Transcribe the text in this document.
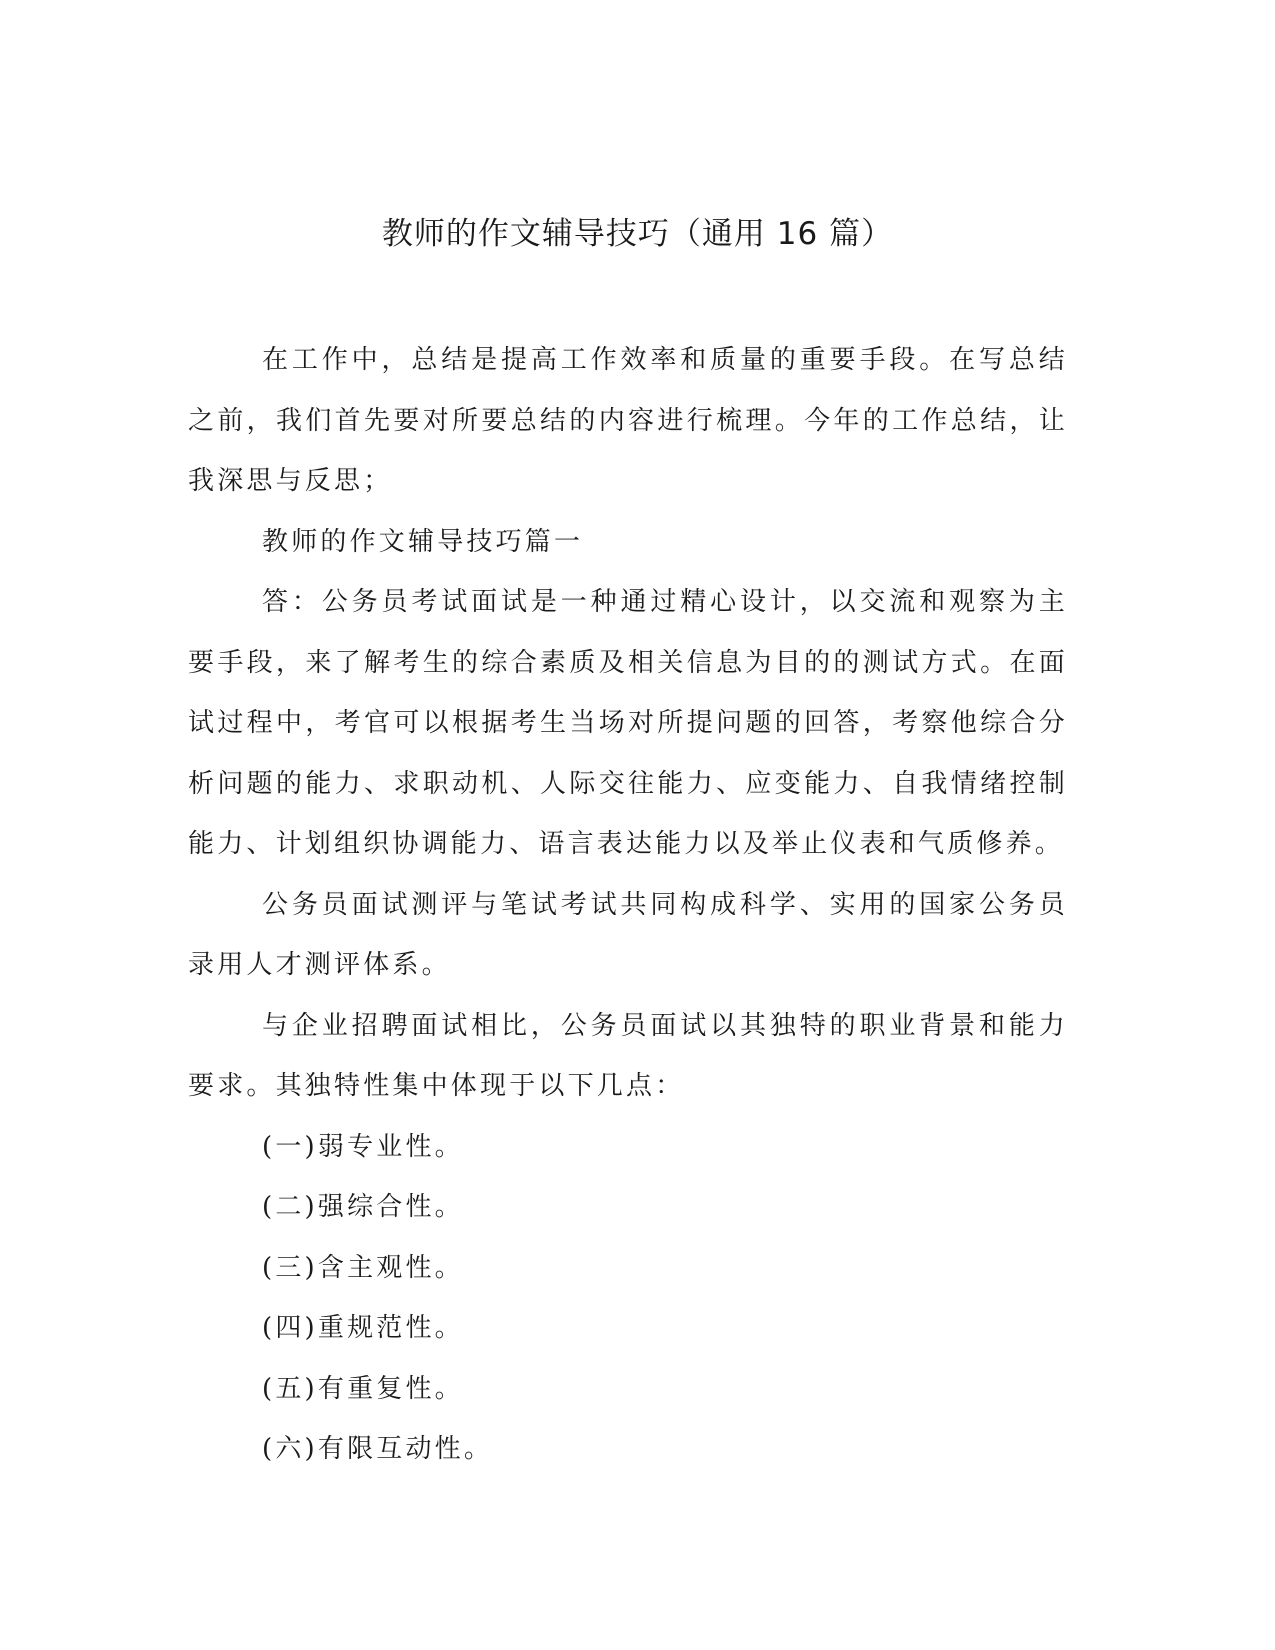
教师的作文辅导技巧（通用 16 篇）

在工作中，总结是提高工作效率和质量的重要手段。在写总结之前，我们首先要对所要总结的内容进行梳理。今年的工作总结，让我深思与反思；

教师的作文辅导技巧篇一

答：公务员考试面试是一种通过精心设计，以交流和观察为主要手段，来了解考生的综合素质及相关信息为目的的测试方式。在面试过程中，考官可以根据考生当场对所提问题的回答，考察他综合分析问题的能力、求职动机、人际交往能力、应变能力、自我情绪控制能力、计划组织协调能力、语言表达能力以及举止仪表和气质修养。

公务员面试测评与笔试考试共同构成科学、实用的国家公务员录用人才测评体系。

与企业招聘面试相比，公务员面试以其独特的职业背景和能力要求。其独特性集中体现于以下几点：

(一)弱专业性。

(二)强综合性。

(三)含主观性。

(四)重规范性。

(五)有重复性。

(六)有限互动性。
